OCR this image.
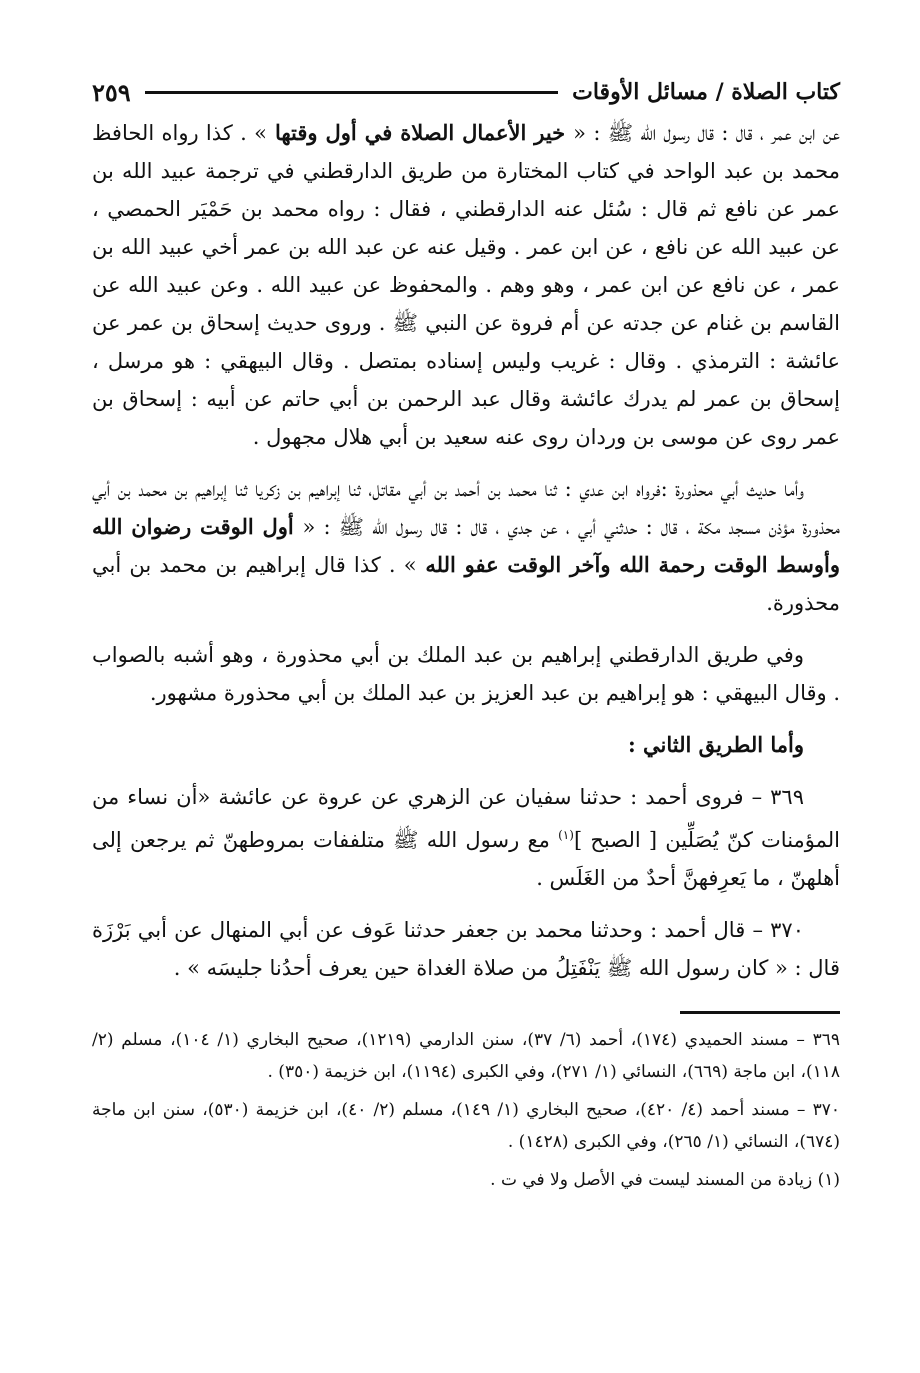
كتاب الصلاة / مسائل الأوقات
٢٥٩

عن ابن عمر ، قال : قال رسول الله ﷺ : « خير الأعمال الصلاة في أول وقتها » . كذا رواه الحافظ محمد بن عبد الواحد في كتاب المختارة من طريق الدارقطني في ترجمة عبيد الله بن عمر عن نافع ثم قال : سُئل عنه الدارقطني ، فقال : رواه محمد بن حَمْيَر الحمصي ، عن عبيد الله عن نافع ، عن ابن عمر . وقيل عنه عن عبد الله بن عمر أخي عبيد الله بن عمر ، عن نافع عن ابن عمر ، وهو وهم . والمحفوظ عن عبيد الله . وعن عبيد الله عن القاسم بن غنام عن جدته عن أم فروة عن النبي ﷺ . وروى حديث إسحاق بن عمر عن عائشة : الترمذي . وقال : غريب وليس إسناده بمتصل . وقال البيهقي : هو مرسل ، إسحاق بن عمر لم يدرك عائشة وقال عبد الرحمن بن أبي حاتم عن أبيه : إسحاق بن عمر روى عن موسى بن وردان روى عنه سعيد بن أبي هلال مجهول .

وأما حديث أبي محذورة :فرواه ابن عدي : ثنا محمد بن أحمد بن أبي مقاتل، ثنا إبراهيم بن زكريا ثنا إبراهيم بن محمد بن أبي محذورة مؤذن مسجد مكة ، قال : حدثني أبي ، عن جدي ، قال : قال رسول الله ﷺ : « أول الوقت رضوان الله وأوسط الوقت رحمة الله وآخر الوقت عفو الله » . كذا قال إبراهيم بن محمد بن أبي محذورة.

وفي طريق الدارقطني إبراهيم بن عبد الملك بن أبي محذورة ، وهو أشبه بالصواب . وقال البيهقي : هو إبراهيم بن عبد العزيز بن عبد الملك بن أبي محذورة مشهور.

وأما الطريق الثاني :

٣٦٩ – فروى أحمد : حدثنا سفيان عن الزهري عن عروة عن عائشة «أن نساء من المؤمنات كنّ يُصَلِّين [ الصبح ]$^{(١)}$ مع رسول الله ﷺ متلففات بمروطهنّ ثم يرجعن إلى أهلهنّ ، ما يَعرِفهنَّ أحدٌ من الغَلَس .

٣٧٠ – قال أحمد : وحدثنا محمد بن جعفر حدثنا عَوف عن أبي المنهال عن أبي بَرْزَة قال : « كان رسول الله ﷺ يَنْفَتِلُ من صلاة الغداة حين يعرف أحدُنا جليسَه » .

٣٦٩ – مسند الحميدي (١٧٤)، أحمد (٦/ ٣٧)، سنن الدارمي (١٢١٩)، صحيح البخاري (١/ ١٠٤)، مسلم (٢/ ١١٨)، ابن ماجة (٦٦٩)، النسائي (١/ ٢٧١)، وفي الكبرى (١١٩٤)، ابن خزيمة (٣٥٠) .

٣٧٠ – مسند أحمد (٤/ ٤٢٠)، صحيح البخاري (١/ ١٤٩)، مسلم (٢/ ٤٠)، ابن خزيمة (٥٣٠)، سنن ابن ماجة (٦٧٤)، النسائي (١/ ٢٦٥)، وفي الكبرى (١٤٢٨) .

(١) زيادة من المسند ليست في الأصل ولا في ت .
